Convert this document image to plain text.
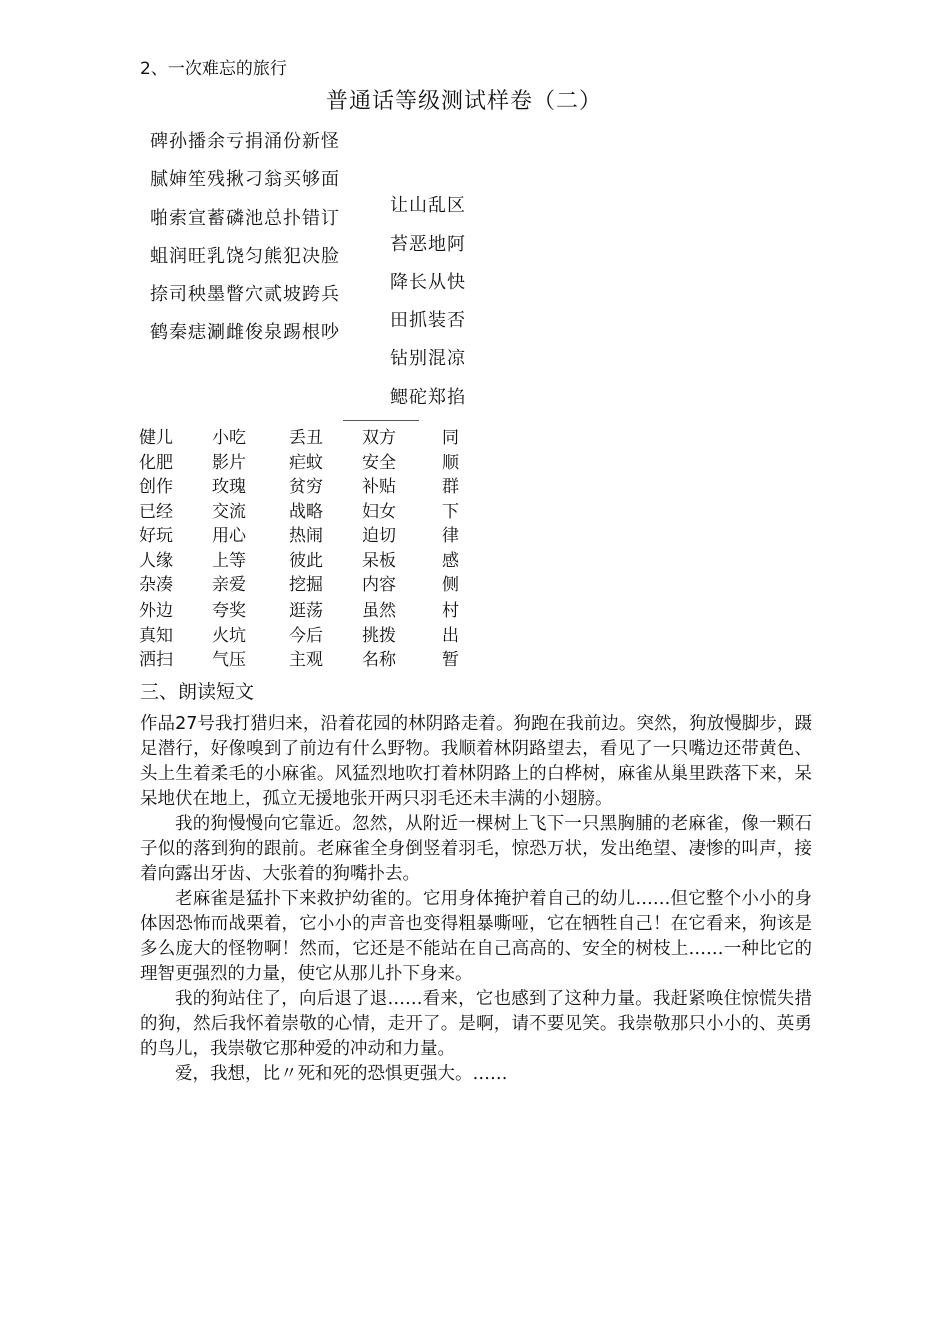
2、一次难忘的旅行
普通话等级测试样卷（二）
碑孙播余亏捐涌份新怪
腻婶笙残揪刁翁买够面
啪索宣蓄磷池总扑错订
蛆润旺乳饶匀熊犯决脸
捺司秧墨瞥穴贰坡跨兵
鹤秦痣涮雌俊泉踢根吵
让山乱区
苔恶地阿
降长从快
田抓装否
钻别混凉
鳃砣郑掐
健儿
化肥
创作
已经
好玩
人缘
杂凑
外边
真知
洒扫
小吃
影片
玫瑰
交流
用心
上等
亲爱
夸奖
火坑
气压
丢丑
疟蚊
贫穷
战略
热闹
彼此
挖掘
逛荡
今后
主观
双方
安全
补贴
妇女
迫切
呆板
内容
虽然
挑拨
名称
同
顺
群
下
律
感
侧
村
出
暂
三、朗读短文

作品27号我打猎归来，沿着花园的林阴路走着。狗跑在我前边。突然，狗放慢脚步，蹑足潜行，好像嗅到了前边有什么野物。我顺着林阴路望去，看见了一只嘴边还带黄色、头上生着柔毛的小麻雀。风猛烈地吹打着林阴路上的白桦树，麻雀从巢里跌落下来，呆呆地伏在地上，孤立无援地张开两只羽毛还未丰满的小翅膀。

我的狗慢慢向它靠近。忽然，从附近一棵树上飞下一只黑胸脯的老麻雀，像一颗石子似的落到狗的跟前。老麻雀全身倒竖着羽毛，惊恐万状，发出绝望、凄惨的叫声，接着向露出牙齿、大张着的狗嘴扑去。

老麻雀是猛扑下来救护幼雀的。它用身体掩护着自己的幼儿……但它整个小小的身体因恐怖而战栗着，它小小的声音也变得粗暴嘶哑，它在牺牲自己！在它看来，狗该是多么庞大的怪物啊！然而，它还是不能站在自己高高的、安全的树枝上……一种比它的理智更强烈的力量，使它从那儿扑下身来。

我的狗站住了，向后退了退……看来，它也感到了这种力量。我赶紧唤住惊慌失措的狗，然后我怀着崇敬的心情，走开了。是啊，请不要见笑。我崇敬那只小小的、英勇的鸟儿，我崇敬它那种爱的冲动和力量。

爱，我想，比〃死和死的恐惧更强大。……
